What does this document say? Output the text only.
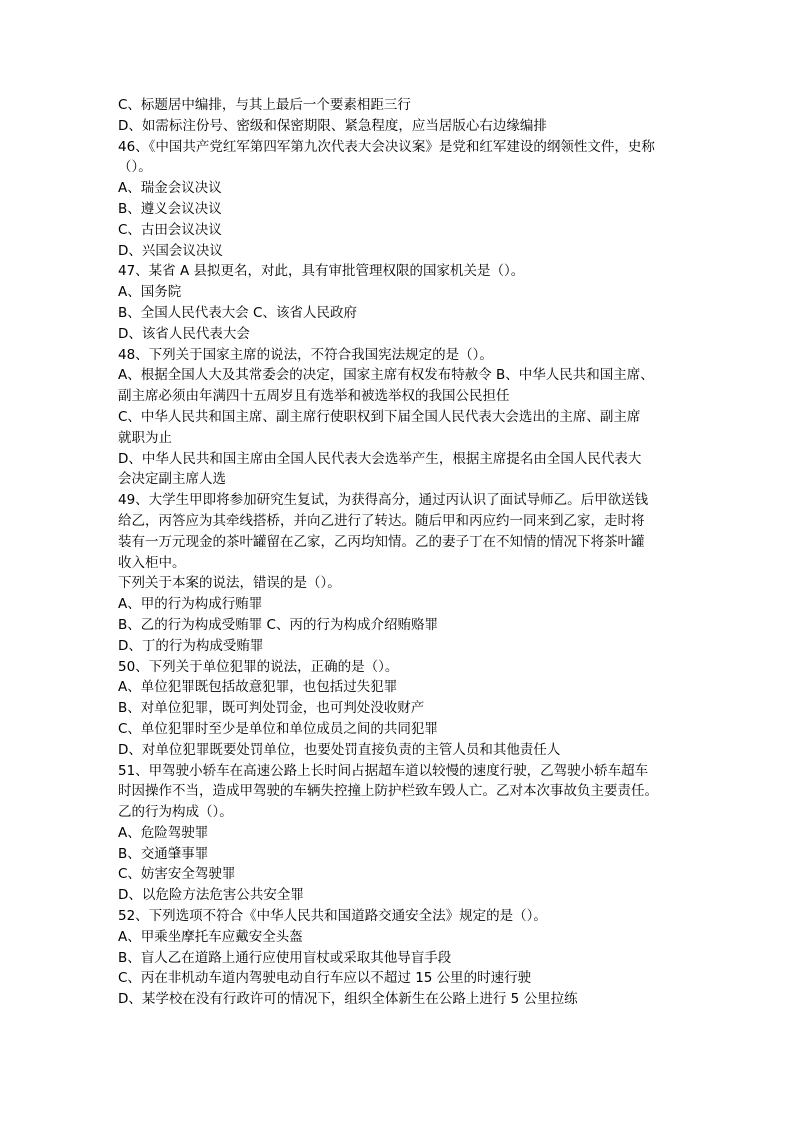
C、标题居中编排，与其上最后一个要素相距三行
D、如需标注份号、密级和保密期限、紧急程度，应当居版心右边缘编排
46、《中国共产党红军第四军第九次代表大会决议案》是党和红军建设的纲领性文件，史称
（）。
A、瑞金会议决议
B、遵义会议决议
C、古田会议决议
D、兴国会议决议
47、某省 A 县拟更名，对此，具有审批管理权限的国家机关是（）。
A、国务院
B、全国人民代表大会 C、该省人民政府
D、该省人民代表大会
48、下列关于国家主席的说法，不符合我国宪法规定的是（）。
A、根据全国人大及其常委会的决定，国家主席有权发布特赦令 B、中华人民共和国主席、
副主席必须由年满四十五周岁且有选举和被选举权的我国公民担任
C、中华人民共和国主席、副主席行使职权到下届全国人民代表大会选出的主席、副主席
就职为止
D、中华人民共和国主席由全国人民代表大会选举产生，根据主席提名由全国人民代表大
会决定副主席人选
49、大学生甲即将参加研究生复试，为获得高分，通过丙认识了面试导师乙。后甲欲送钱
给乙，丙答应为其牵线搭桥，并向乙进行了转达。随后甲和丙应约一同来到乙家，走时将
装有一万元现金的茶叶罐留在乙家，乙丙均知情。乙的妻子丁在不知情的情况下将茶叶罐
收入柜中。
下列关于本案的说法，错误的是（）。
A、甲的行为构成行贿罪
B、乙的行为构成受贿罪 C、丙的行为构成介绍贿赂罪
D、丁的行为构成受贿罪
50、下列关于单位犯罪的说法，正确的是（）。
A、单位犯罪既包括故意犯罪，也包括过失犯罪
B、对单位犯罪，既可判处罚金，也可判处没收财产
C、单位犯罪时至少是单位和单位成员之间的共同犯罪
D、对单位犯罪既要处罚单位，也要处罚直接负责的主管人员和其他责任人
51、甲驾驶小轿车在高速公路上长时间占据超车道以较慢的速度行驶，乙驾驶小轿车超车
时因操作不当，造成甲驾驶的车辆失控撞上防护栏致车毁人亡。乙对本次事故负主要责任。
乙的行为构成（）。
A、危险驾驶罪
B、交通肇事罪
C、妨害安全驾驶罪
D、以危险方法危害公共安全罪
52、下列选项不符合《中华人民共和国道路交通安全法》规定的是（）。
A、甲乘坐摩托车应戴安全头盔
B、盲人乙在道路上通行应使用盲杖或采取其他导盲手段
C、丙在非机动车道内驾驶电动自行车应以不超过 15 公里的时速行驶
D、某学校在没有行政许可的情况下，组织全体新生在公路上进行 5 公里拉练
